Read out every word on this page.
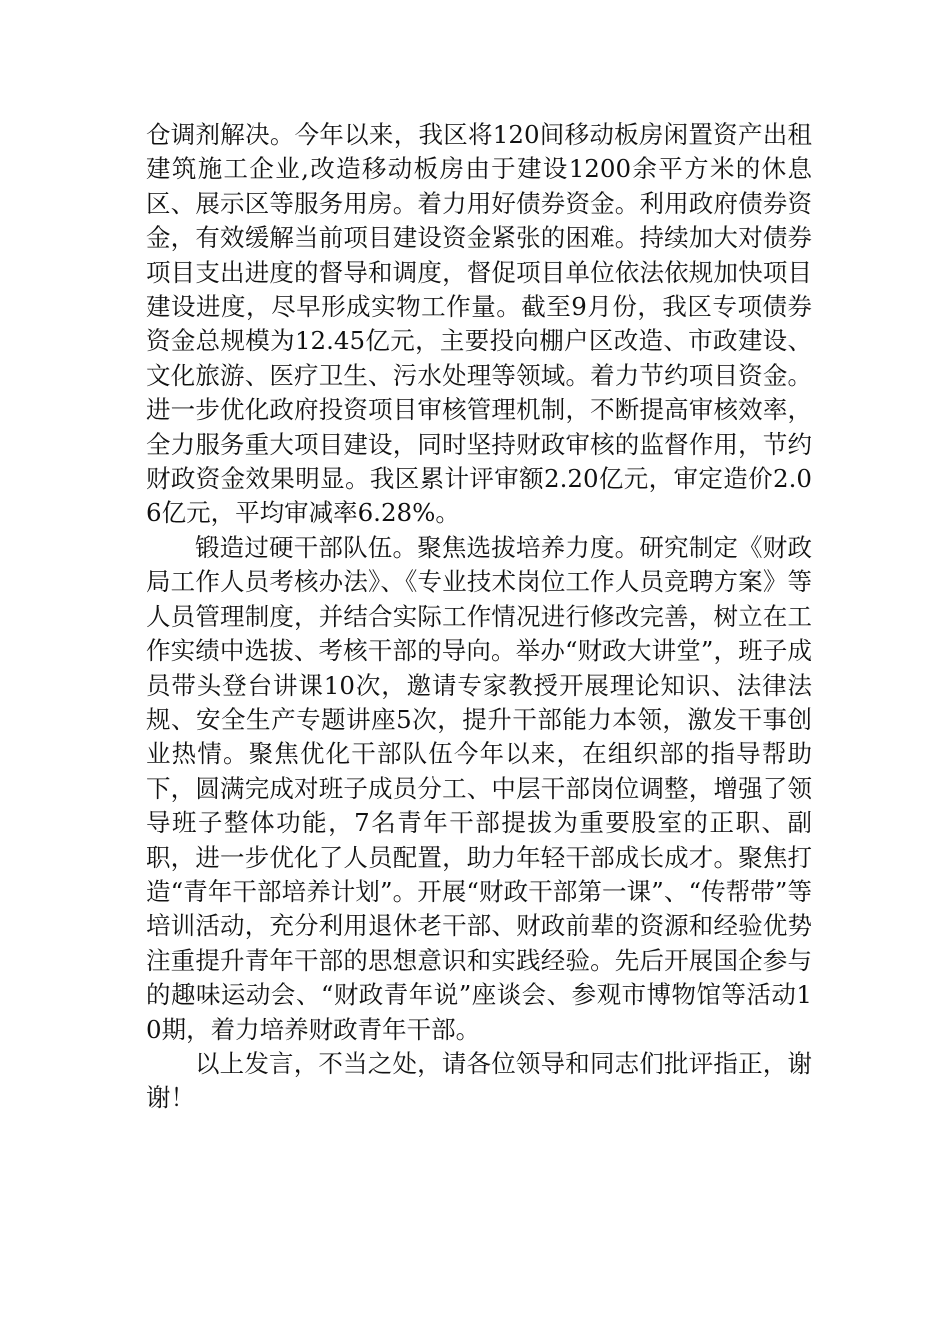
仓调剂解决。今年以来，我区将120间移动板房闲置资产出租建筑施工企业,改造移动板房由于建设1200余平方米的休息区、展示区等服务用房。着力用好债券资金。利用政府债券资金，有效缓解当前项目建设资金紧张的困难。持续加大对债券项目支出进度的督导和调度，督促项目单位依法依规加快项目建设进度，尽早形成实物工作量。截至9月份，我区专项债券资金总规模为12.45亿元，主要投向棚户区改造、市政建设、文化旅游、医疗卫生、污水处理等领域。着力节约项目资金。进一步优化政府投资项目审核管理机制，不断提高审核效率，全力服务重大项目建设，同时坚持财政审核的监督作用，节约财政资金效果明显。我区累计评审额2.20亿元，审定造价2.06亿元，平均审减率6.28%。

锻造过硬干部队伍。聚焦选拔培养力度。研究制定《财政局工作人员考核办法》、《专业技术岗位工作人员竞聘方案》等人员管理制度，并结合实际工作情况进行修改完善，树立在工作实绩中选拔、考核干部的导向。举办“财政大讲堂”，班子成员带头登台讲课10次，邀请专家教授开展理论知识、法律法规、安全生产专题讲座5次，提升干部能力本领，激发干事创业热情。聚焦优化干部队伍今年以来，在组织部的指导帮助下，圆满完成对班子成员分工、中层干部岗位调整，增强了领导班子整体功能，7名青年干部提拔为重要股室的正职、副职，进一步优化了人员配置，助力年轻干部成长成才。聚焦打造“青年干部培养计划”。开展“财政干部第一课”、“传帮带”等培训活动，充分利用退休老干部、财政前辈的资源和经验优势注重提升青年干部的思想意识和实践经验。先后开展国企参与的趣味运动会、“财政青年说”座谈会、参观市博物馆等活动10期，着力培养财政青年干部。

以上发言，不当之处，请各位领导和同志们批评指正，谢谢！
